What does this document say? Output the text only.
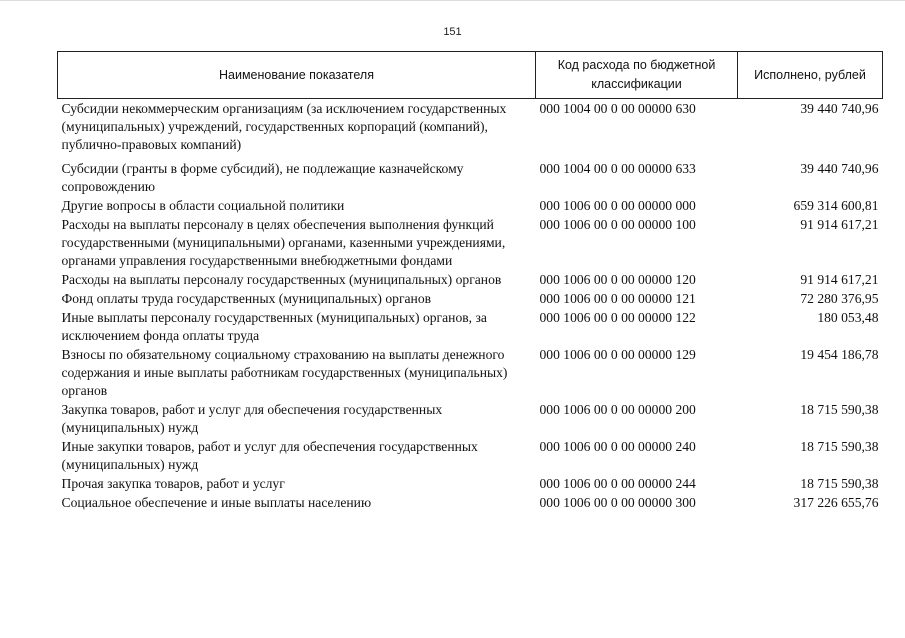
151
Наименование показателя	Код расхода по бюджетной классификации	Исполнено, рублей
Субсидии некоммерческим организациям (за исключением государственных (муниципальных) учреждений, государственных корпораций (компаний), публично-правовых компаний)	000 1004 00 0 00 00000 630	39 440 740,96
Субсидии (гранты в форме субсидий), не подлежащие казначейскому сопровождению	000 1004 00 0 00 00000 633	39 440 740,96
Другие вопросы в области социальной политики	000 1006 00 0 00 00000 000	659 314 600,81
Расходы на выплаты персоналу в целях обеспечения выполнения функций государственными (муниципальными) органами, казенными учреждениями, органами управления государственными внебюджетными фондами	000 1006 00 0 00 00000 100	91 914 617,21
Расходы на выплаты персоналу государственных (муниципальных) органов	000 1006 00 0 00 00000 120	91 914 617,21
Фонд оплаты труда государственных (муниципальных) органов	000 1006 00 0 00 00000 121	72 280 376,95
Иные выплаты персоналу государственных (муниципальных) органов, за исключением фонда оплаты труда	000 1006 00 0 00 00000 122	180 053,48
Взносы по обязательному социальному страхованию на выплаты денежного содержания и иные выплаты работникам государственных (муниципальных) органов	000 1006 00 0 00 00000 129	19 454 186,78
Закупка товаров, работ и услуг для обеспечения государственных (муниципальных) нужд	000 1006 00 0 00 00000 200	18 715 590,38
Иные закупки товаров, работ и услуг для обеспечения государственных (муниципальных) нужд	000 1006 00 0 00 00000 240	18 715 590,38
Прочая закупка товаров, работ и услуг	000 1006 00 0 00 00000 244	18 715 590,38
Социальное обеспечение и иные выплаты населению	000 1006 00 0 00 00000 300	317 226 655,76
